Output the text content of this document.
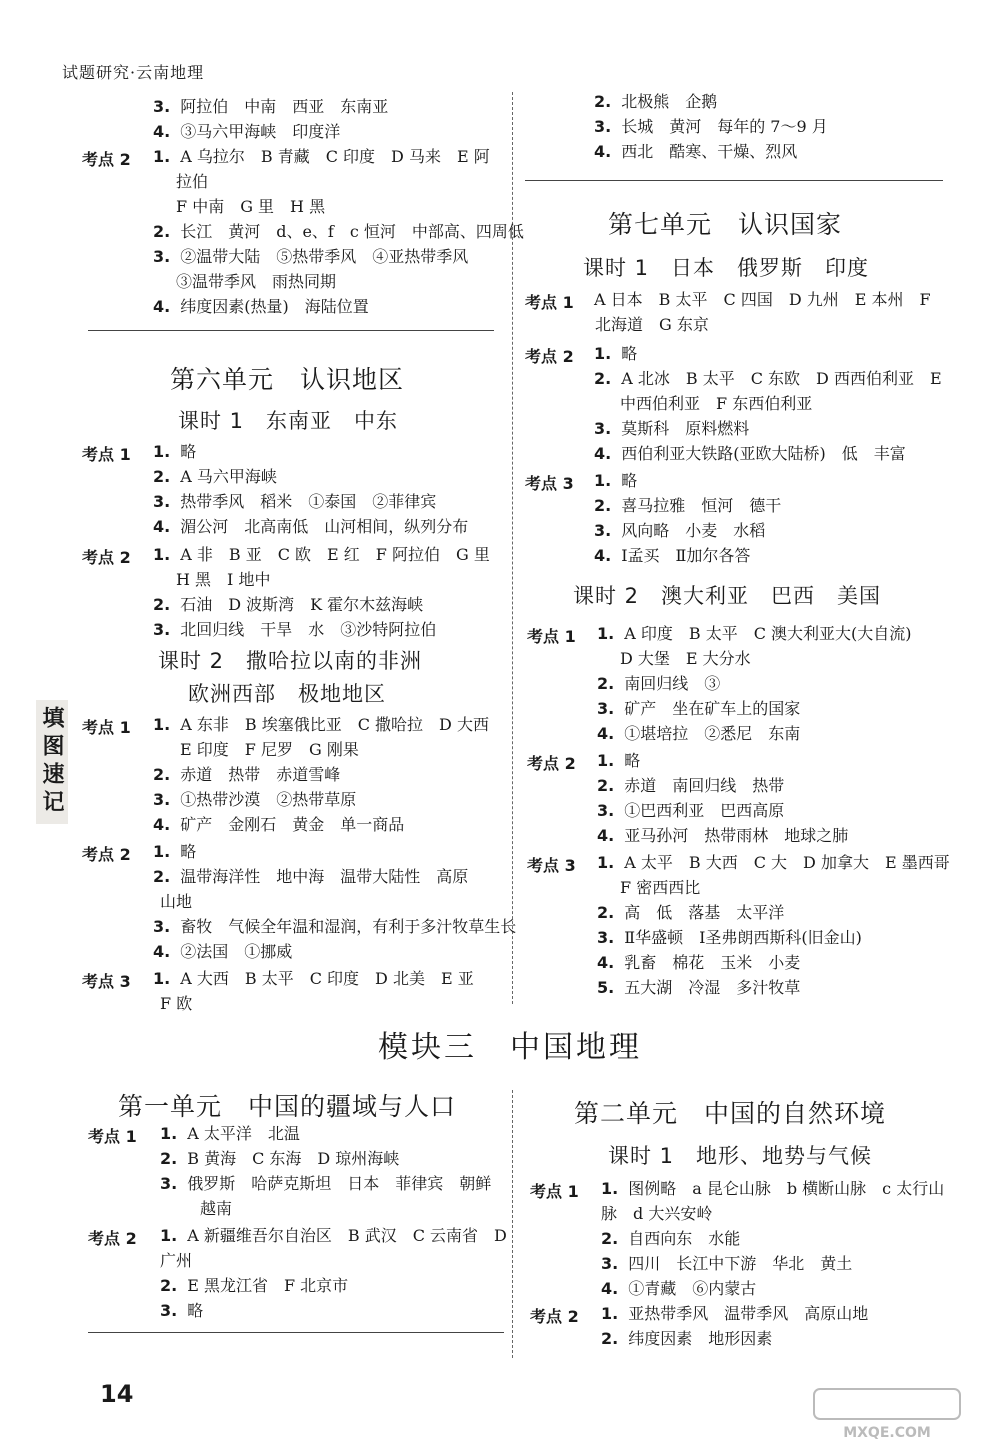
试题研究·云南地理
填图速记
3. 阿拉伯　中南　西亚　东南亚
4. ③马六甲海峡　印度洋
考点 2 1. A 乌拉尔　B 青藏　C 印度　D 马来　E 阿
拉伯
F 中南　G 里　H 黑
2. 长江　黄河　d、e、f　c 恒河　中部高、四周低
3. ②温带大陆　⑤热带季风　④亚热带季风
③温带季风　雨热同期
4. 纬度因素(热量)　海陆位置
第六单元　认识地区
课时 1　东南亚　中东
考点 1 1. 略
2. A 马六甲海峡
3. 热带季风　稻米　①泰国　②菲律宾
4. 湄公河　北高南低　山河相间，纵列分布
考点 2 1. A 非　B 亚　C 欧　E 红　F 阿拉伯　G 里
H 黑　I 地中
2. 石油　D 波斯湾　K 霍尔木兹海峡
3. 北回归线　干旱　水　③沙特阿拉伯
课时 2　撒哈拉以南的非洲
欧洲西部　极地地区
考点 1 1. A 东非　B 埃塞俄比亚　C 撒哈拉　D 大西
E 印度　F 尼罗　G 刚果
2. 赤道　热带　赤道雪峰
3. ①热带沙漠　②热带草原
4. 矿产　金刚石　黄金　单一商品
考点 2 1. 略
2. 温带海洋性　地中海　温带大陆性　高原
山地
3. 畜牧　气候全年温和湿润，有利于多汁牧草生长
4. ②法国　①挪威
考点 3 1. A 大西　B 太平　C 印度　D 北美　E 亚
F 欧
2. 北极熊　企鹅
3. 长城　黄河　每年的 7～9 月
4. 西北　酷寒、干燥、烈风
第七单元　认识国家
课时 1　日本　俄罗斯　印度
考点 1 A 日本　B 太平　C 四国　D 九州　E 本州　F
北海道　G 东京
考点 2 1. 略
2. A 北冰　B 太平　C 东欧　D 西西伯利亚　E
中西伯利亚　F 东西伯利亚
3. 莫斯科　原料燃料
4. 西伯利亚大铁路(亚欧大陆桥)　低　丰富
考点 3 1. 略
2. 喜马拉雅　恒河　德干
3. 风向略　小麦　水稻
4. Ⅰ孟买　Ⅱ加尔各答
课时 2　澳大利亚　巴西　美国
考点 1 1. A 印度　B 太平　C 澳大利亚大(大自流)
D 大堡　E 大分水
2. 南回归线　③
3. 矿产　坐在矿车上的国家
4. ①堪培拉　②悉尼　东南
考点 2 1. 略
2. 赤道　南回归线　热带
3. ①巴西利亚　巴西高原
4. 亚马孙河　热带雨林　地球之肺
考点 3 1. A 太平　B 大西　C 大　D 加拿大　E 墨西哥
F 密西西比
2. 高　低　落基　太平洋
3. Ⅱ华盛顿　Ⅰ圣弗朗西斯科(旧金山)
4. 乳畜　棉花　玉米　小麦
5. 五大湖　冷湿　多汁牧草
模块三　中国地理
第一单元　中国的疆域与人口
考点 1 1. A 太平洋　北温
2. B 黄海　C 东海　D 琼州海峡
3. 俄罗斯　哈萨克斯坦　日本　菲律宾　朝鲜
越南
考点 2 1. A 新疆维吾尔自治区　B 武汉　C 云南省　D
广州
2. E 黑龙江省　F 北京市
3. 略
第二单元　中国的自然环境
课时 1　地形、地势与气候
考点 1 1. 图例略　a 昆仑山脉　b 横断山脉　c 太行山
脉　d 大兴安岭
2. 自西向东　水能
3. 四川　长江中下游　华北　黄土
4. ①青藏　⑥内蒙古
考点 2 1. 亚热带季风　温带季风　高原山地
2. 纬度因素　地形因素
14
MXQE.COM
